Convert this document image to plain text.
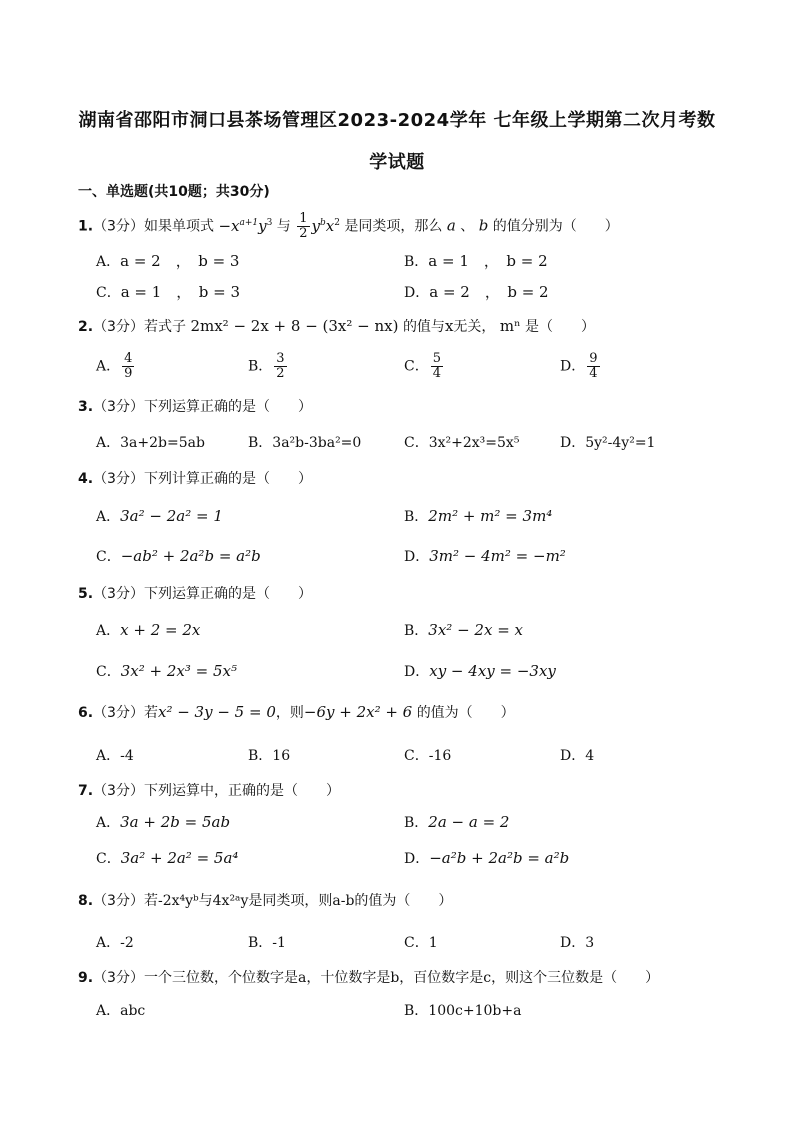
湖南省邵阳市洞口县茶场管理区2023-2024学年 七年级上学期第二次月考数
学试题
一、单选题(共10题；共30分)
1.（3分）如果单项式 $-x^{a+1}y^3$ 与 $\frac{1}{2} y^bx^2$ 是同类项，那么 a 、 b 的值分别为（　　）
A．a = 2　，　b = 3	B．a = 1　，　b = 2
C．a = 1　，　b = 3	D．a = 2　，　b = 2
2.（3分）若式子 2mx² − 2x + 8 − (3x² − nx) 的值与x无关， mⁿ 是（　　）
A． $\frac{4}{9}$	B． $\frac{3}{2}$	C． $\frac{5}{4}$	D． $\frac{9}{4}$
3.（3分）下列运算正确的是（　　）
A．3a+2b=5ab	B．3a²b-3ba²=0	C．3x²+2x³=5x⁵	D．5y²-4y²=1
4.（3分）下列计算正确的是（　　）
A．3a² − 2a² = 1	B．2m² + m² = 3m⁴
C．−ab² + 2a²b = a²b	D．3m² − 4m² = −m²
5.（3分）下列运算正确的是（　　）
A．x + 2 = 2x	B．3x² − 2x = x
C．3x² + 2x³ = 5x⁵	D．xy − 4xy = −3xy
6.（3分）若x² − 3y − 5 = 0，则−6y + 2x² + 6 的值为（　　）
A．-4	B．16	C．-16	D．4
7.（3分）下列运算中，正确的是（　　）
A．3a + 2b = 5ab	B．2a − a = 2
C．3a² + 2a² = 5a⁴	D．−a²b + 2a²b = a²b
8.（3分）若-2x⁴yᵇ与4x²ᵃy是同类项，则a-b的值为（　　）
A．-2	B．-1	C．1	D．3
9.（3分）一个三位数，个位数字是a，十位数字是b，百位数字是c，则这个三位数是（　　）
A．abc	B．100c+10b+a
